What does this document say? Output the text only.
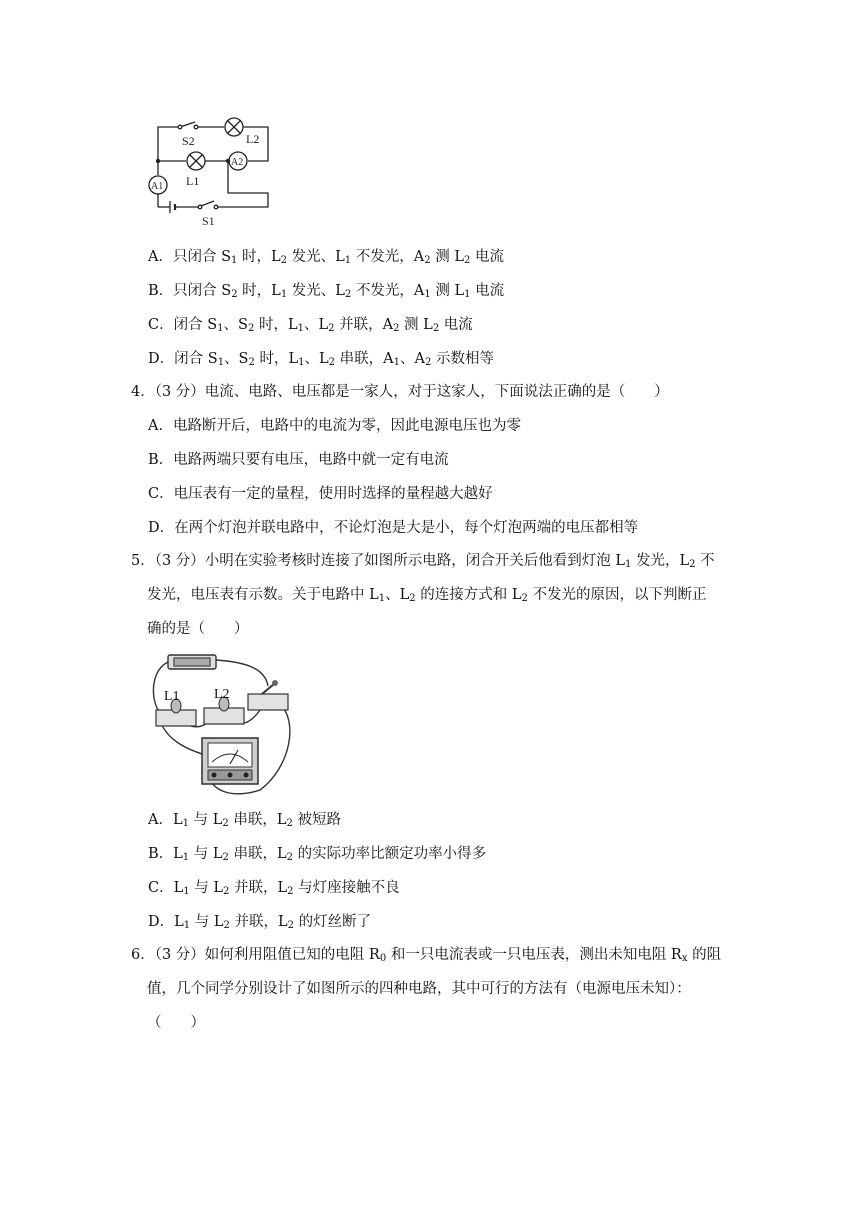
S2	L2
L1
A2
A1
S1
A．只闭合 $S_1$ 时，$L_2$ 发光、$L_1$ 不发光，$A_2$ 测 $L_2$ 电流
B．只闭合 $S_2$ 时，$L_1$ 发光、$L_2$ 不发光，$A_1$ 测 $L_1$ 电流
C．闭合 $S_1$、$S_2$ 时，$L_1$、$L_2$ 并联，$A_2$ 测 $L_2$ 电流
D．闭合 $S_1$、$S_2$ 时，$L_1$、$L_2$ 串联，$A_1$、$A_2$ 示数相等
4．（3 分）电流、电路、电压都是一家人，对于这家人，下面说法正确的是（　　）
A．电路断开后，电路中的电流为零，因此电源电压也为零
B．电路两端只要有电压，电路中就一定有电流
C．电压表有一定的量程，使用时选择的量程越大越好
D．在两个灯泡并联电路中，不论灯泡是大是小，每个灯泡两端的电压都相等
5．（3 分）小明在实验考核时连接了如图所示电路，闭合开关后他看到灯泡 $L_1$ 发光，$L_2$ 不
发光，电压表有示数。关于电路中 $L_1$、$L_2$ 的连接方式和 $L_2$ 不发光的原因，以下判断正
确的是（　　）
L1 L2
A．$L_1$ 与 $L_2$ 串联，$L_2$ 被短路
B．$L_1$ 与 $L_2$ 串联，$L_2$ 的实际功率比额定功率小得多
C．$L_1$ 与 $L_2$ 并联，$L_2$ 与灯座接触不良
D．$L_1$ 与 $L_2$ 并联，$L_2$ 的灯丝断了
6．（3 分）如何利用阻值已知的电阻 $R_0$ 和一只电流表或一只电压表，测出未知电阻 $R_x$ 的阻
值，几个同学分别设计了如图所示的四种电路，其中可行的方法有（电源电压未知）：
（　　）
